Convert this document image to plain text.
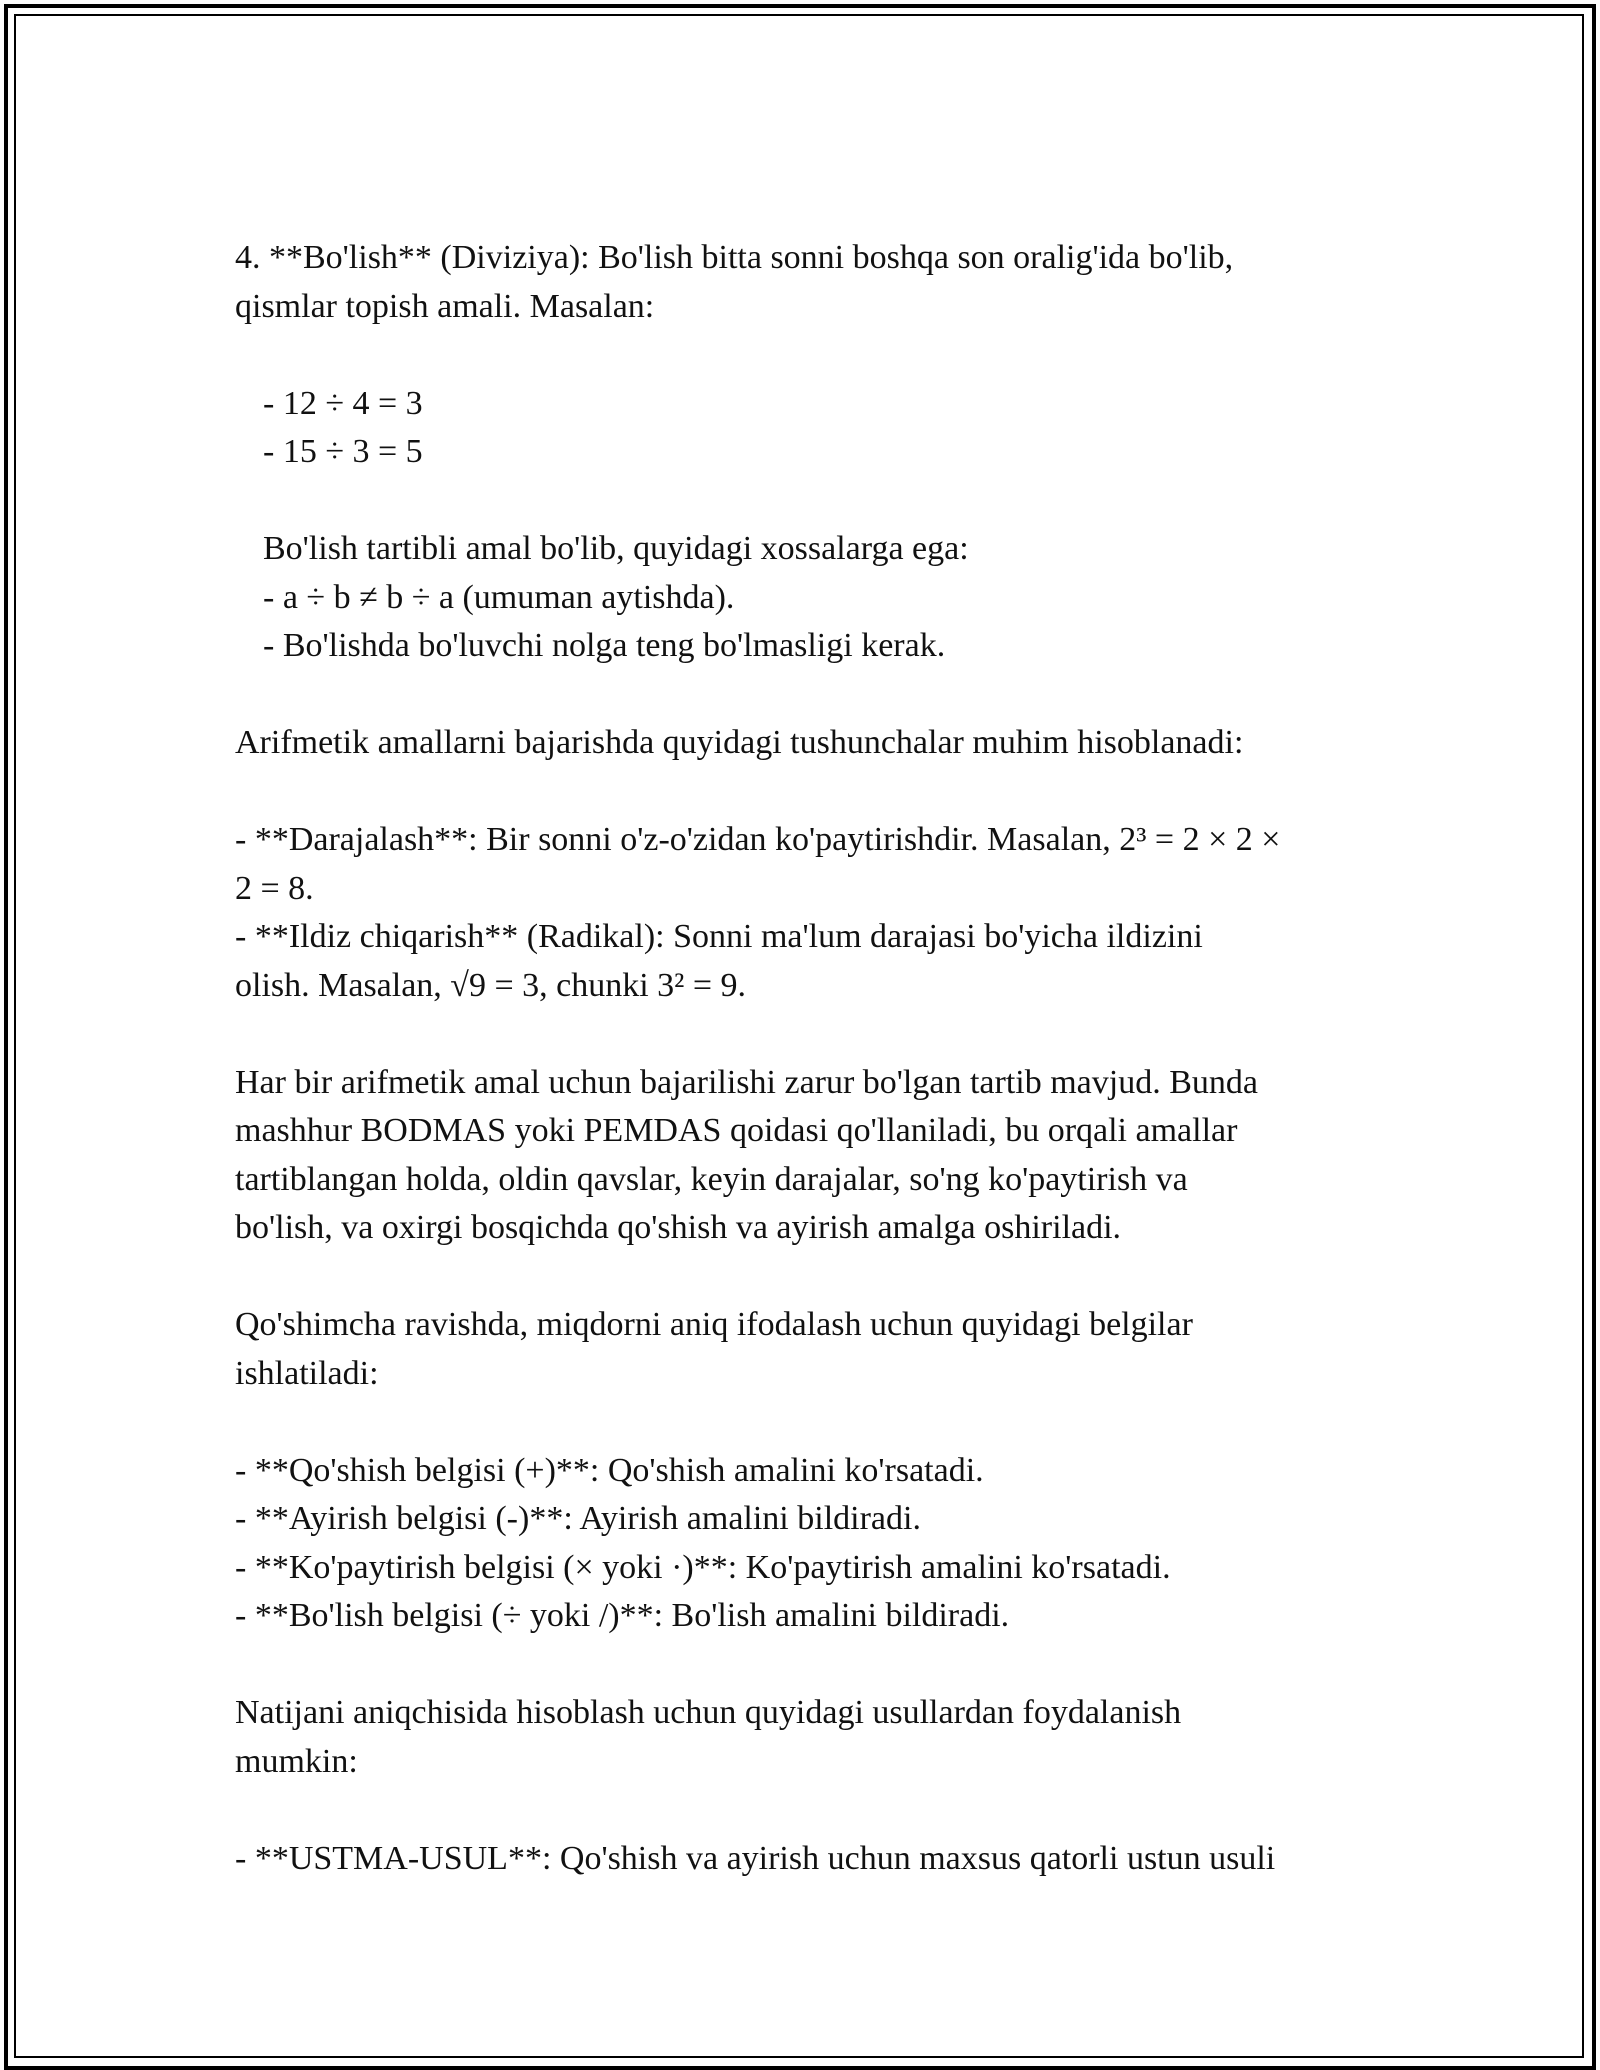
4. **Bo'lish** (Diviziya): Bo'lish bitta sonni boshqa son oralig'ida bo'lib,
qismlar topish amali. Masalan:

- 12 ÷ 4 = 3
- 15 ÷ 3 = 5

Bo'lish tartibli amal bo'lib, quyidagi xossalarga ega:
- a ÷ b ≠ b ÷ a (umuman aytishda).
- Bo'lishda bo'luvchi nolga teng bo'lmasligi kerak.

Arifmetik amallarni bajarishda quyidagi tushunchalar muhim hisoblanadi:

- **Darajalash**: Bir sonni o'z-o'zidan ko'paytirishdir. Masalan, 2³ = 2 × 2 ×
2 = 8.
- **Ildiz chiqarish** (Radikal): Sonni ma'lum darajasi bo'yicha ildizini
olish. Masalan, √9 = 3, chunki 3² = 9.

Har bir arifmetik amal uchun bajarilishi zarur bo'lgan tartib mavjud. Bunda
mashhur BODMAS yoki PEMDAS qoidasi qo'llaniladi, bu orqali amallar
tartiblangan holda, oldin qavslar, keyin darajalar, so'ng ko'paytirish va
bo'lish, va oxirgi bosqichda qo'shish va ayirish amalga oshiriladi.

Qo'shimcha ravishda, miqdorni aniq ifodalash uchun quyidagi belgilar
ishlatiladi:

- **Qo'shish belgisi (+)**: Qo'shish amalini ko'rsatadi.
- **Ayirish belgisi (-)**: Ayirish amalini bildiradi.
- **Ko'paytirish belgisi (× yoki ·)**: Ko'paytirish amalini ko'rsatadi.
- **Bo'lish belgisi (÷ yoki /)**: Bo'lish amalini bildiradi.

Natijani aniqchisida hisoblash uchun quyidagi usullardan foydalanish
mumkin:

- **USTMA-USUL**: Qo'shish va ayirish uchun maxsus qatorli ustun usuli
